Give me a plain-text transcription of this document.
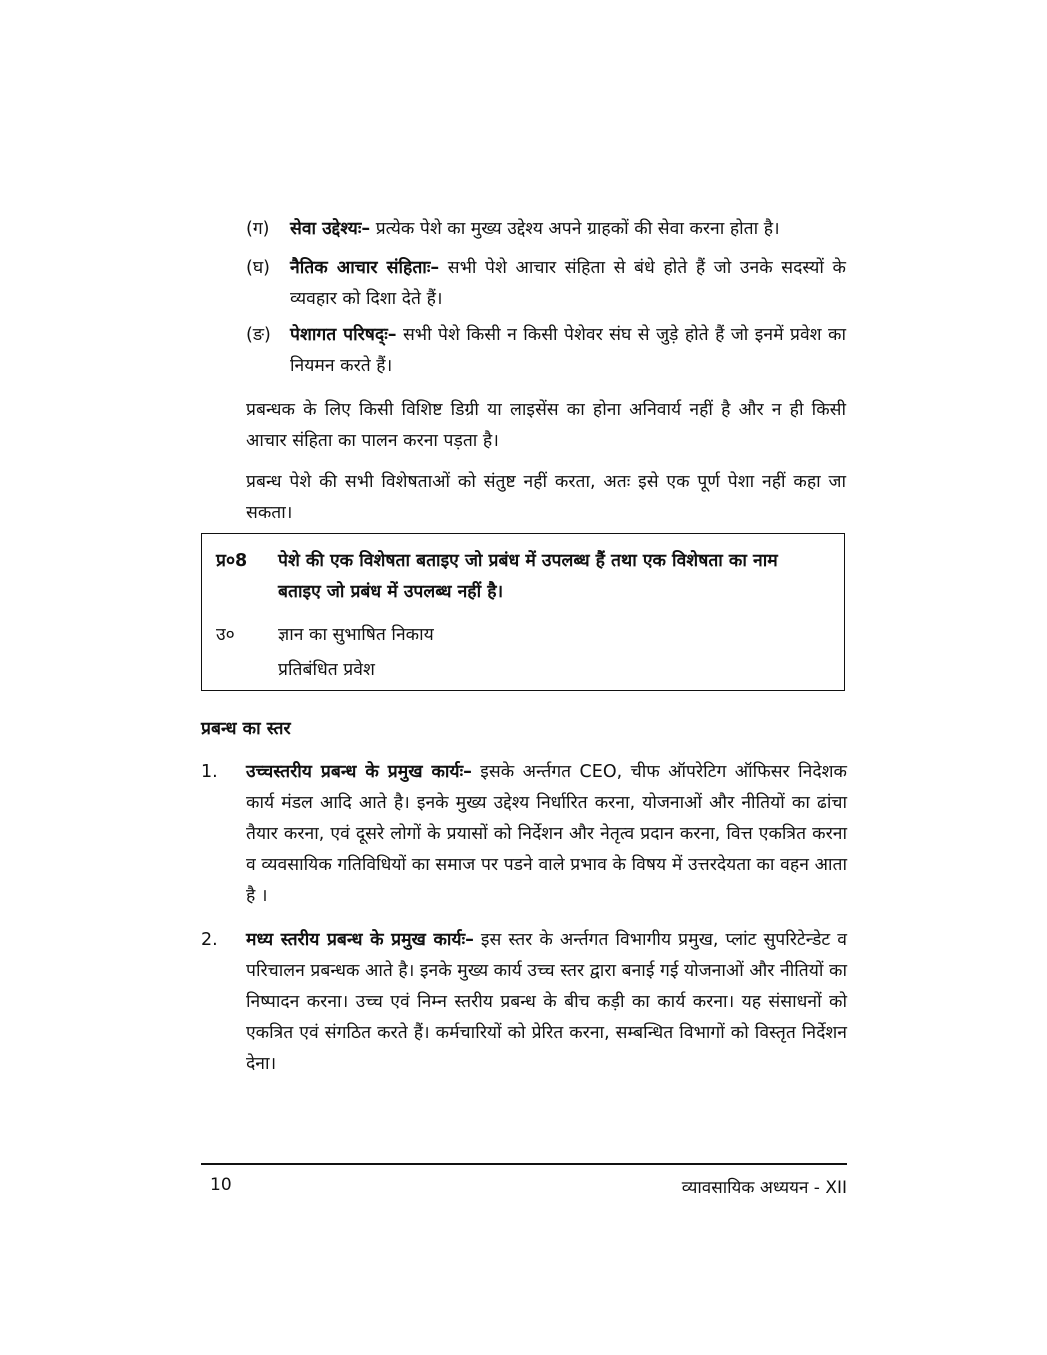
(ग)	सेवा उद्देश्यः– प्रत्येक पेशे का मुख्य उद्देश्य अपने ग्राहकों की सेवा करना होता है।
(घ)	नैतिक आचार संहिताः– सभी पेशे आचार संहिता से बंधे होते हैं जो उनके सदस्यों के व्यवहार को दिशा देते हैं।
(ङ)	पेशागत परिषद्ः– सभी पेशे किसी न किसी पेशेवर संघ से जुड़े होते हैं जो इनमें प्रवेश का नियमन करते हैं।
प्रबन्धक के लिए किसी विशिष्ट डिग्री या लाइसेंस का होना अनिवार्य नहीं है और न ही किसी आचार संहिता का पालन करना पड़ता है।
प्रबन्ध पेशे की सभी विशेषताओं को संतुष्ट नहीं करता, अतः इसे एक पूर्ण पेशा नहीं कहा जा सकता।
प्र०8	पेशे की एक विशेषता बताइए जो प्रबंध में उपलब्ध हैं तथा एक विशेषता का नाम बताइए जो प्रबंध में उपलब्ध नहीं है।
उ०	ज्ञान का सुभाषित निकाय
प्रतिबंधित प्रवेश
प्रबन्ध का स्तर
1.	उच्चस्तरीय प्रबन्ध के प्रमुख कार्यः– इसके अर्न्तगत CEO, चीफ ऑपरेटिग ऑफिसर निदेशक कार्य मंडल आदि आते है। इनके मुख्य उद्देश्य निर्धारित करना, योजनाओं और नीतियों का ढांचा तैयार करना, एवं दूसरे लोगों के प्रयासों को निर्देशन और नेतृत्व प्रदान करना, वित्त एकत्रित करना व व्यवसायिक गतिविधियों का समाज पर पडने वाले प्रभाव के विषय में उत्तरदेयता का वहन आता है ।
2.	मध्य स्तरीय प्रबन्ध के प्रमुख कार्यः– इस स्तर के अर्न्तगत विभागीय प्रमुख, प्लांट सुपरिटेन्डेट व परिचालन प्रबन्धक आते है। इनके मुख्य कार्य उच्च स्तर द्वारा बनाई गई योजनाओं और नीतियों का निष्पादन करना। उच्च एवं निम्न स्तरीय प्रबन्ध के बीच कड़ी का कार्य करना। यह संसाधनों को एकत्रित एवं संगठित करते हैं। कर्मचारियों को प्रेरित करना, सम्बन्धित विभागों को विस्तृत निर्देशन देना।
10	व्यावसायिक अध्ययन - XII
